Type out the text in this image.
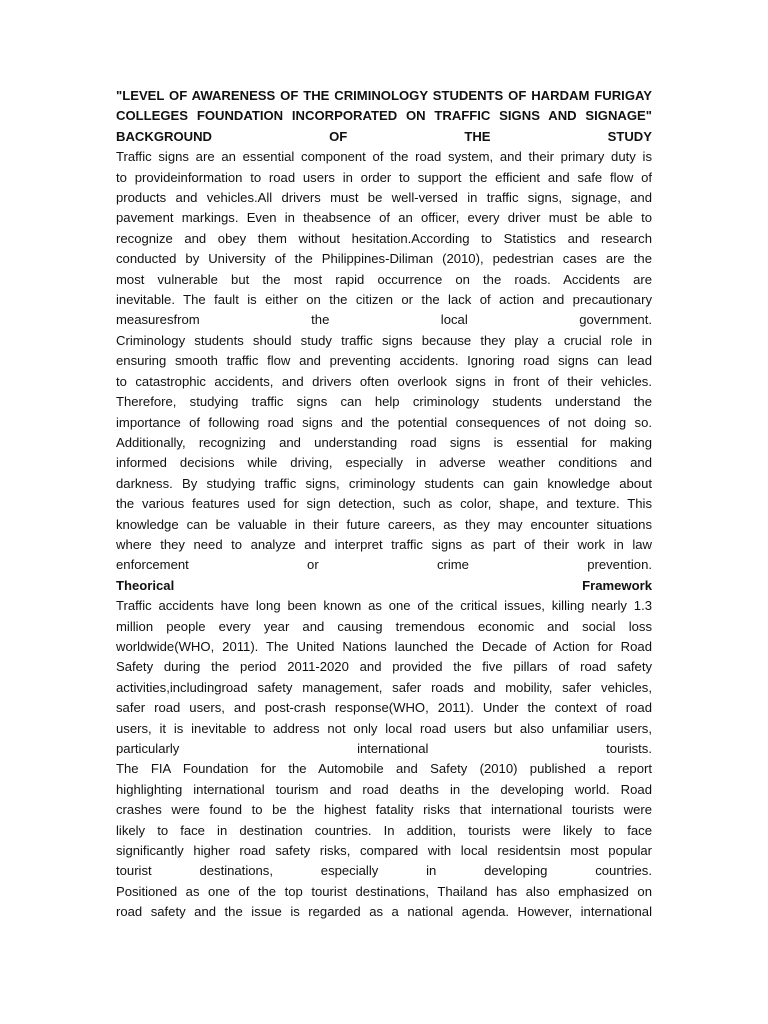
"LEVEL OF AWARENESS OF THE CRIMINOLOGY STUDENTS OF HARDAM FURIGAY
COLLEGES FOUNDATION INCORPORATED ON TRAFFIC SIGNS AND SIGNAGE"
BACKGROUND OF THE STUDY
Traffic signs are an essential component of the road system, and their primary duty is
to provideinformation to road users in order to support the efficient and safe flow of
products and vehicles.All drivers must be well-versed in traffic signs, signage, and
pavement markings. Even in theabsence of an officer, every driver must be able to
recognize and obey them without hesitation.According to Statistics and research
conducted by University of the Philippines-Diliman (2010), pedestrian cases are the
most vulnerable but the most rapid occurrence on the roads. Accidents are
inevitable. The fault is either on the citizen or the lack of action and precautionary
measuresfrom the local government.
Criminology students should study traffic signs because they play a crucial role in
ensuring smooth traffic flow and preventing accidents. Ignoring road signs can lead
to catastrophic accidents, and drivers often overlook signs in front of their vehicles.
Therefore, studying traffic signs can help criminology students understand the
importance of following road signs and the potential consequences of not doing so.
Additionally, recognizing and understanding road signs is essential for making
informed decisions while driving, especially in adverse weather conditions and
darkness. By studying traffic signs, criminology students can gain knowledge about
the various features used for sign detection, such as color, shape, and texture. This
knowledge can be valuable in their future careers, as they may encounter situations
where they need to analyze and interpret traffic signs as part of their work in law
enforcement or crime prevention.
Theorical Framework
Traffic accidents have long been known as one of the critical issues, killing nearly 1.3
million people every year and causing tremendous economic and social loss
worldwide(WHO, 2011). The United Nations launched the Decade of Action for Road
Safety during the period 2011-2020 and provided the five pillars of road safety
activities,includingroad safety management, safer roads and mobility, safer vehicles,
safer road users, and post-crash response(WHO, 2011). Under the context of road
users, it is inevitable to address not only local road users but also unfamiliar users,
particularly international tourists.
The FIA Foundation for the Automobile and Safety (2010) published a report
highlighting international tourism and road deaths in the developing world. Road
crashes were found to be the highest fatality risks that international tourists were
likely to face in destination countries. In addition, tourists were likely to face
significantly higher road safety risks, compared with local residentsin most popular
tourist destinations, especially in developing countries.
Positioned as one of the top tourist destinations, Thailand has also emphasized on
road safety and the issue is regarded as a national agenda. However, international
